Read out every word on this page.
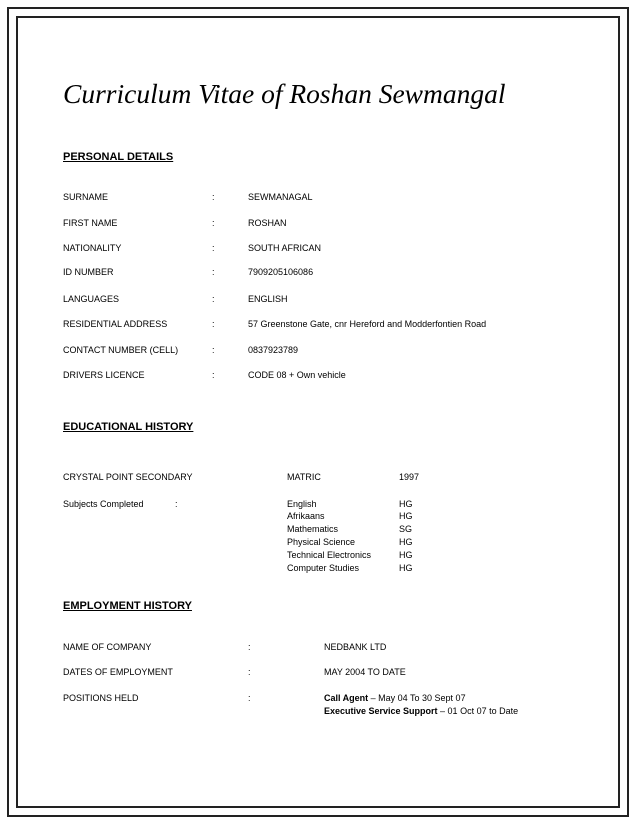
Curriculum Vitae of Roshan Sewmangal
PERSONAL DETAILS
SURNAME	:	SEWMANAGAL
FIRST NAME	:	ROSHAN
NATIONALITY	:	SOUTH AFRICAN
ID NUMBER	:	7909205106086
LANGUAGES	:	ENGLISH
RESIDENTIAL ADDRESS	:	57 Greenstone Gate, cnr Hereford and Modderfontien Road
CONTACT NUMBER (CELL)	:	0837923789
DRIVERS LICENCE	:	CODE 08 + Own vehicle
EDUCATIONAL HISTORY
CRYSTAL POINT SECONDARY	MATRIC	1997
Subjects Completed	:	English	HG
Afrikaans	HG
Mathematics	SG
Physical Science	HG
Technical Electronics	HG
Computer Studies	HG
EMPLOYMENT HISTORY
NAME OF COMPANY	:	NEDBANK LTD
DATES OF EMPLOYMENT	:	MAY 2004 TO DATE
POSITIONS HELD	:	Call Agent – May 04 To 30 Sept 07
Executive Service Support – 01 Oct 07 to Date
